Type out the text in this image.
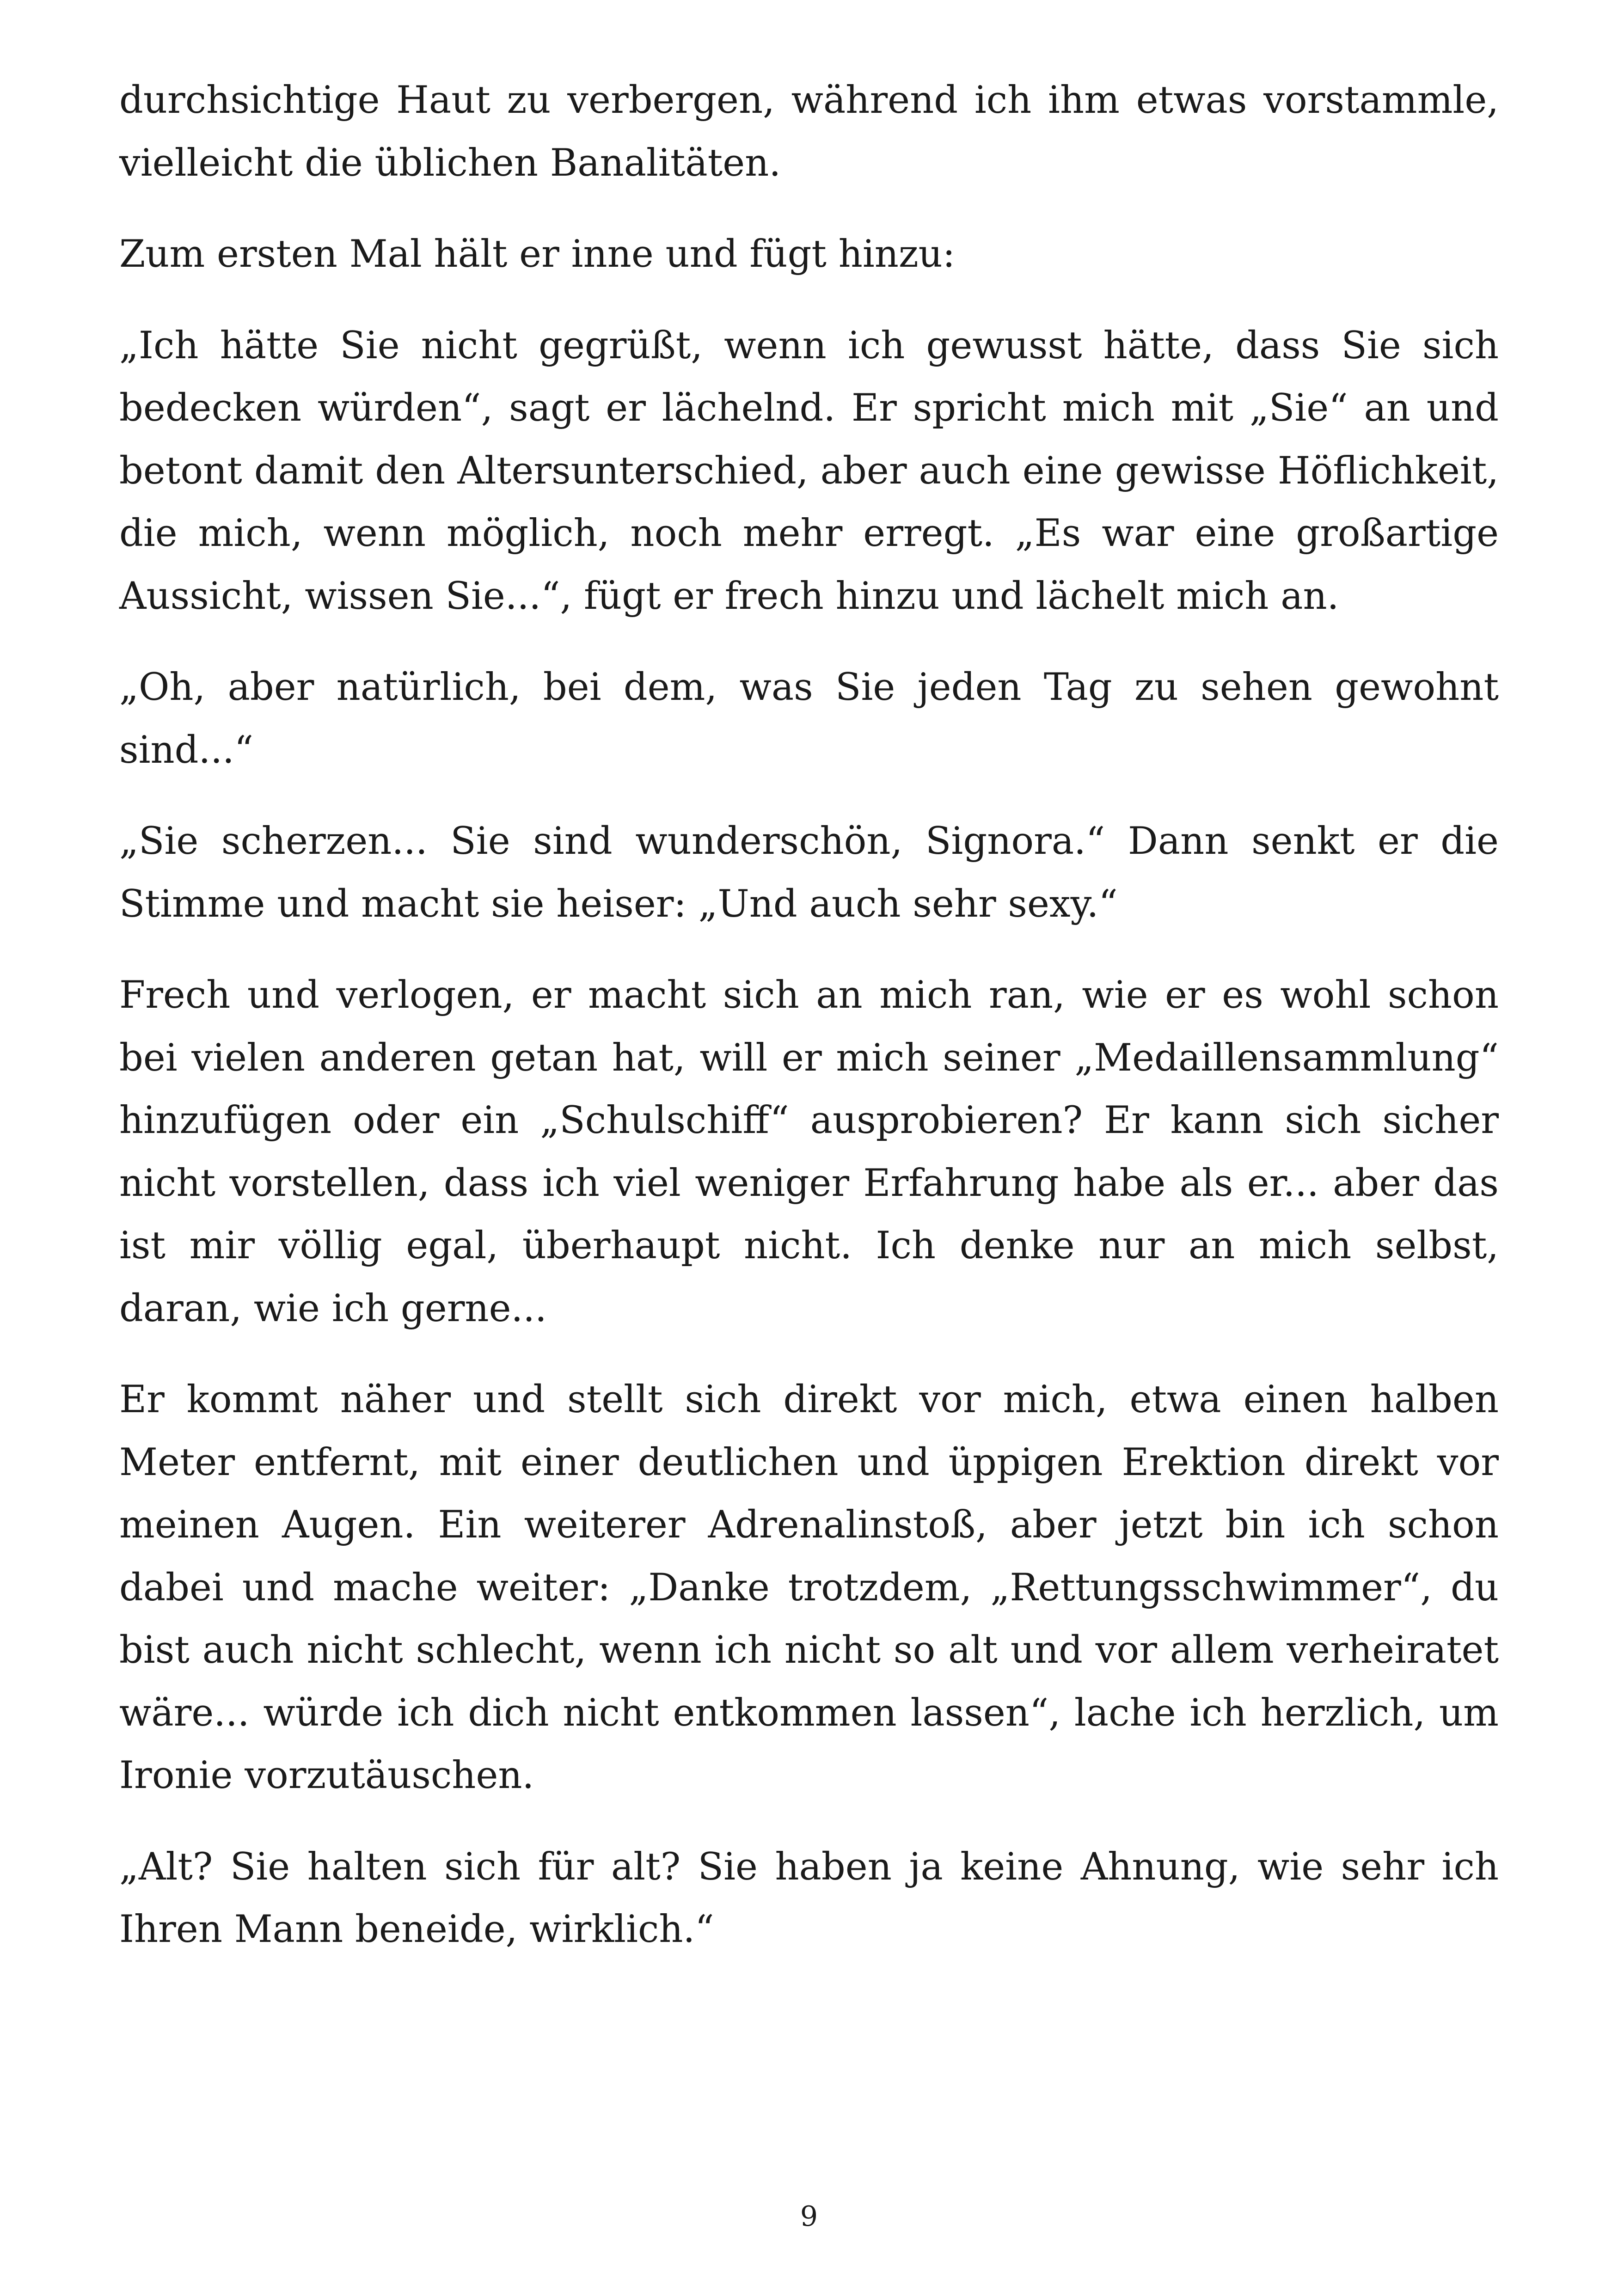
durchsichtige Haut zu verbergen, während ich ihm etwas vorstammle, vielleicht die üblichen Banalitäten.

Zum ersten Mal hält er inne und fügt hinzu:

„Ich hätte Sie nicht gegrüßt, wenn ich gewusst hätte, dass Sie sich bedecken würden“, sagt er lächelnd. Er spricht mich mit „Sie“ an und betont damit den Altersunterschied, aber auch eine gewisse Höflichkeit, die mich, wenn möglich, noch mehr erregt. „Es war eine großartige Aussicht, wissen Sie...“, fügt er frech hinzu und lächelt mich an.

„Oh, aber natürlich, bei dem, was Sie jeden Tag zu sehen gewohnt sind...“

„Sie scherzen... Sie sind wunderschön, Signora.“ Dann senkt er die Stimme und macht sie heiser: „Und auch sehr sexy.“

Frech und verlogen, er macht sich an mich ran, wie er es wohl schon bei vielen anderen getan hat, will er mich seiner „Medaillensammlung“ hinzufügen oder ein „Schulschiff“ ausprobieren? Er kann sich sicher nicht vorstellen, dass ich viel weniger Erfahrung habe als er... aber das ist mir völlig egal, überhaupt nicht. Ich denke nur an mich selbst, daran, wie ich gerne...

Er kommt näher und stellt sich direkt vor mich, etwa einen halben Meter entfernt, mit einer deutlichen und üppigen Erektion direkt vor meinen Augen. Ein weiterer Adrenalinstoß, aber jetzt bin ich schon dabei und mache weiter: „Danke trotzdem, „Rettungsschwimmer“, du bist auch nicht schlecht, wenn ich nicht so alt und vor allem verheiratet wäre... würde ich dich nicht entkommen lassen“, lache ich herzlich, um Ironie vorzutäuschen.

„Alt? Sie halten sich für alt? Sie haben ja keine Ahnung, wie sehr ich Ihren Mann beneide, wirklich.“

9
